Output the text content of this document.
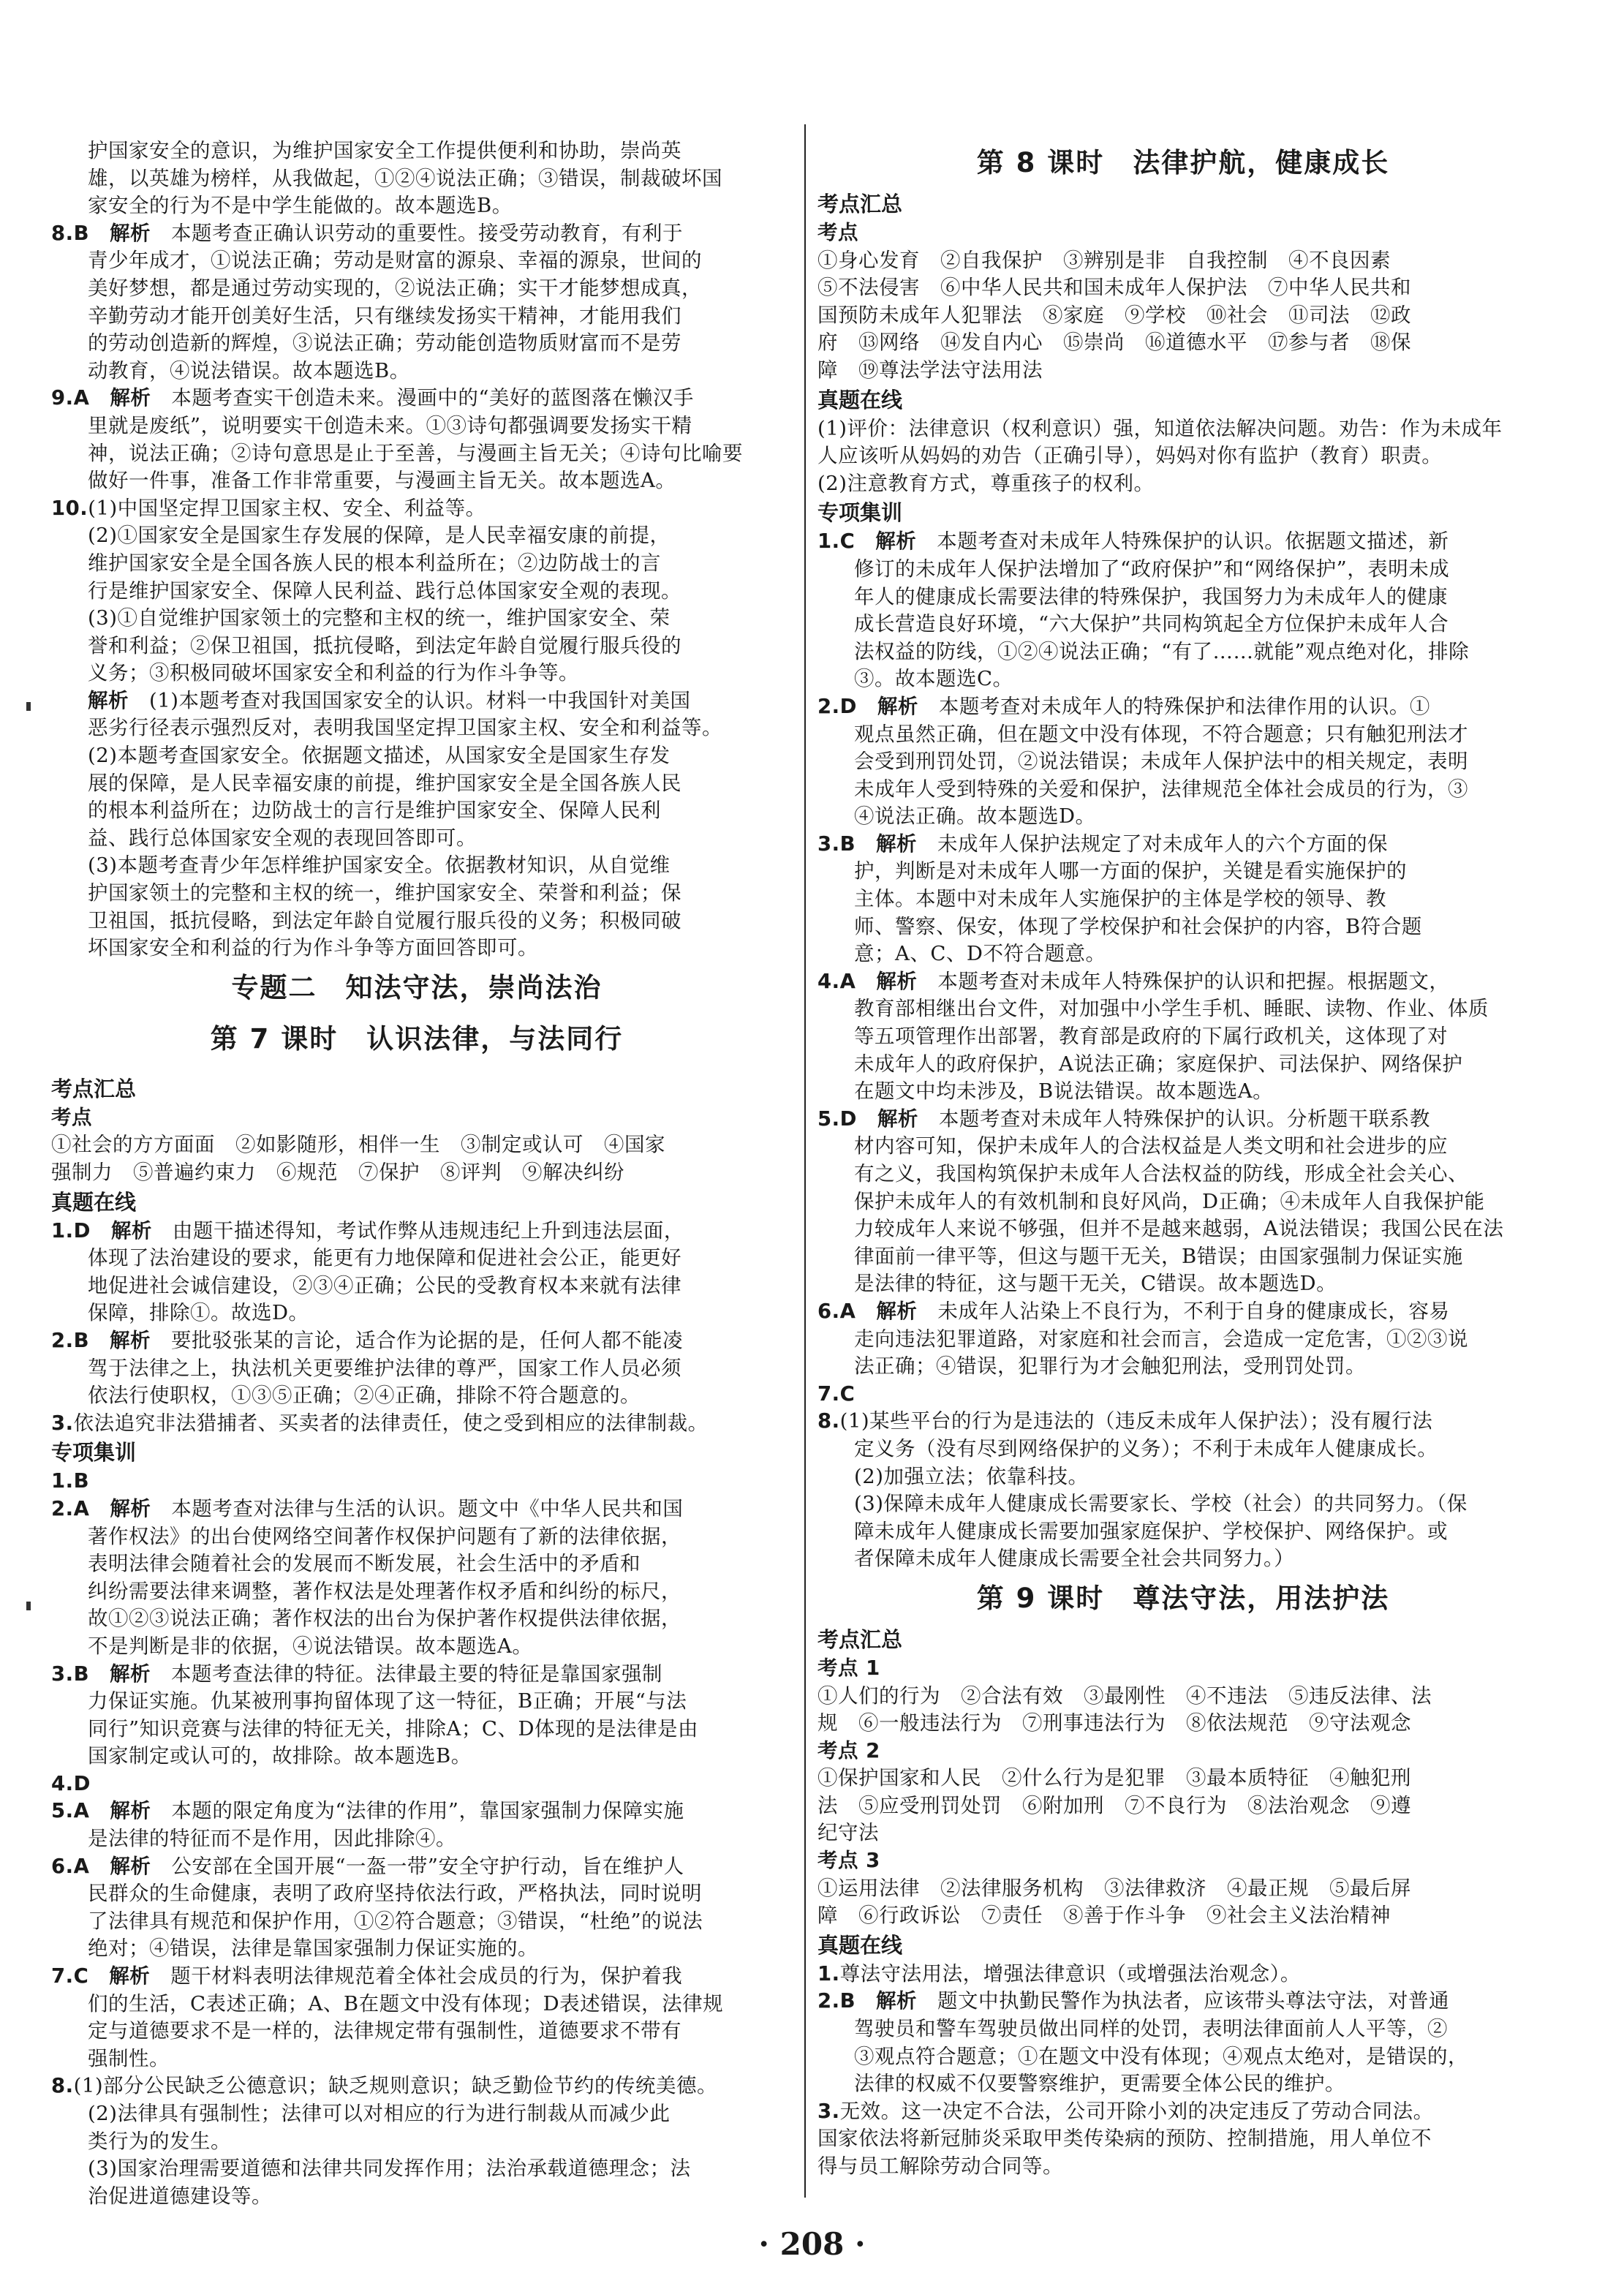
护国家安全的意识，为维护国家安全工作提供便利和协助，崇尚英
雄，以英雄为榜样，从我做起，①②④说法正确；③错误，制裁破坏国
家安全的行为不是中学生能做的。故本题选B。
8.B　解析　本题考查正确认识劳动的重要性。接受劳动教育，有利于
青少年成才，①说法正确；劳动是财富的源泉、幸福的源泉，世间的
美好梦想，都是通过劳动实现的，②说法正确；实干才能梦想成真，
辛勤劳动才能开创美好生活，只有继续发扬实干精神，才能用我们
的劳动创造新的辉煌，③说法正确；劳动能创造物质财富而不是劳
动教育，④说法错误。故本题选B。
9.A　解析　本题考查实干创造未来。漫画中的“美好的蓝图落在懒汉手
里就是废纸”，说明要实干创造未来。①③诗句都强调要发扬实干精
神，说法正确；②诗句意思是止于至善，与漫画主旨无关；④诗句比喻要
做好一件事，准备工作非常重要，与漫画主旨无关。故本题选A。
10.(1)中国坚定捍卫国家主权、安全、利益等。
(2)①国家安全是国家生存发展的保障，是人民幸福安康的前提，
维护国家安全是全国各族人民的根本利益所在；②边防战士的言
行是维护国家安全、保障人民利益、践行总体国家安全观的表现。
(3)①自觉维护国家领土的完整和主权的统一，维护国家安全、荣
誉和利益；②保卫祖国，抵抗侵略，到法定年龄自觉履行服兵役的
义务；③积极同破坏国家安全和利益的行为作斗争等。
解析　(1)本题考查对我国国家安全的认识。材料一中我国针对美国
恶劣行径表示强烈反对，表明我国坚定捍卫国家主权、安全和利益等。
(2)本题考查国家安全。依据题文描述，从国家安全是国家生存发
展的保障，是人民幸福安康的前提，维护国家安全是全国各族人民
的根本利益所在；边防战士的言行是维护国家安全、保障人民利
益、践行总体国家安全观的表现回答即可。
(3)本题考查青少年怎样维护国家安全。依据教材知识，从自觉维
护国家领土的完整和主权的统一，维护国家安全、荣誉和利益；保
卫祖国，抵抗侵略，到法定年龄自觉履行服兵役的义务；积极同破
坏国家安全和利益的行为作斗争等方面回答即可。
专题二　知法守法，崇尚法治
第 7 课时　认识法律，与法同行
考点汇总
考点
①社会的方方面面　②如影随形，相伴一生　③制定或认可　④国家
强制力　⑤普遍约束力　⑥规范　⑦保护　⑧评判　⑨解决纠纷
真题在线
1.D　解析　由题干描述得知，考试作弊从违规违纪上升到违法层面，
体现了法治建设的要求，能更有力地保障和促进社会公正，能更好
地促进社会诚信建设，②③④正确；公民的受教育权本来就有法律
保障，排除①。故选D。
2.B　解析　要批驳张某的言论，适合作为论据的是，任何人都不能凌
驾于法律之上，执法机关更要维护法律的尊严，国家工作人员必须
依法行使职权，①③⑤正确；②④正确，排除不符合题意的。
3.依法追究非法猎捕者、买卖者的法律责任，使之受到相应的法律制裁。
专项集训
1.B
2.A　解析　本题考查对法律与生活的认识。题文中《中华人民共和国
著作权法》的出台使网络空间著作权保护问题有了新的法律依据，
表明法律会随着社会的发展而不断发展，社会生活中的矛盾和
纠纷需要法律来调整，著作权法是处理著作权矛盾和纠纷的标尺，
故①②③说法正确；著作权法的出台为保护著作权提供法律依据，
不是判断是非的依据，④说法错误。故本题选A。
3.B　解析　本题考查法律的特征。法律最主要的特征是靠国家强制
力保证实施。仇某被刑事拘留体现了这一特征，B正确；开展“与法
同行”知识竞赛与法律的特征无关，排除A；C、D体现的是法律是由
国家制定或认可的，故排除。故本题选B。
4.D
5.A　解析　本题的限定角度为“法律的作用”，靠国家强制力保障实施
是法律的特征而不是作用，因此排除④。
6.A　解析　公安部在全国开展“一盔一带”安全守护行动，旨在维护人
民群众的生命健康，表明了政府坚持依法行政，严格执法，同时说明
了法律具有规范和保护作用，①②符合题意；③错误，“杜绝”的说法
绝对；④错误，法律是靠国家强制力保证实施的。
7.C　解析　题干材料表明法律规范着全体社会成员的行为，保护着我
们的生活，C表述正确；A、B在题文中没有体现；D表述错误，法律规
定与道德要求不是一样的，法律规定带有强制性，道德要求不带有
强制性。
8.(1)部分公民缺乏公德意识；缺乏规则意识；缺乏勤俭节约的传统美德。
(2)法律具有强制性；法律可以对相应的行为进行制裁从而减少此
类行为的发生。
(3)国家治理需要道德和法律共同发挥作用；法治承载道德理念；法
治促进道德建设等。
第 8 课时　法律护航，健康成长
考点汇总
考点
①身心发育　②自我保护　③辨别是非　自我控制　④不良因素
⑤不法侵害　⑥中华人民共和国未成年人保护法　⑦中华人民共和
国预防未成年人犯罪法　⑧家庭　⑨学校　⑩社会　⑪司法　⑫政
府　⑬网络　⑭发自内心　⑮崇尚　⑯道德水平　⑰参与者　⑱保
障　⑲尊法学法守法用法
真题在线
(1)评价：法律意识（权利意识）强，知道依法解决问题。劝告：作为未成年
人应该听从妈妈的劝告（正确引导），妈妈对你有监护（教育）职责。
(2)注意教育方式，尊重孩子的权利。
专项集训
1.C　解析　本题考查对未成年人特殊保护的认识。依据题文描述，新
修订的未成年人保护法增加了“政府保护”和“网络保护”，表明未成
年人的健康成长需要法律的特殊保护，我国努力为未成年人的健康
成长营造良好环境，“六大保护”共同构筑起全方位保护未成年人合
法权益的防线，①②④说法正确；“有了……就能”观点绝对化，排除
③。故本题选C。
2.D　解析　本题考查对未成年人的特殊保护和法律作用的认识。①
观点虽然正确，但在题文中没有体现，不符合题意；只有触犯刑法才
会受到刑罚处罚，②说法错误；未成年人保护法中的相关规定，表明
未成年人受到特殊的关爱和保护，法律规范全体社会成员的行为，③
④说法正确。故本题选D。
3.B　解析　未成年人保护法规定了对未成年人的六个方面的保
护，判断是对未成年人哪一方面的保护，关键是看实施保护的
主体。本题中对未成年人实施保护的主体是学校的领导、教
师、警察、保安，体现了学校保护和社会保护的内容，B符合题
意；A、C、D不符合题意。
4.A　解析　本题考查对未成年人特殊保护的认识和把握。根据题文，
教育部相继出台文件，对加强中小学生手机、睡眠、读物、作业、体质
等五项管理作出部署，教育部是政府的下属行政机关，这体现了对
未成年人的政府保护，A说法正确；家庭保护、司法保护、网络保护
在题文中均未涉及，B说法错误。故本题选A。
5.D　解析　本题考查对未成年人特殊保护的认识。分析题干联系教
材内容可知，保护未成年人的合法权益是人类文明和社会进步的应
有之义，我国构筑保护未成年人合法权益的防线，形成全社会关心、
保护未成年人的有效机制和良好风尚，D正确；④未成年人自我保护能
力较成年人来说不够强，但并不是越来越弱，A说法错误；我国公民在法
律面前一律平等，但这与题干无关，B错误；由国家强制力保证实施
是法律的特征，这与题干无关，C错误。故本题选D。
6.A　解析　未成年人沾染上不良行为，不利于自身的健康成长，容易
走向违法犯罪道路，对家庭和社会而言，会造成一定危害，①②③说
法正确；④错误，犯罪行为才会触犯刑法，受刑罚处罚。
7.C
8.(1)某些平台的行为是违法的（违反未成年人保护法）；没有履行法
定义务（没有尽到网络保护的义务）；不利于未成年人健康成长。
(2)加强立法；依靠科技。
(3)保障未成年人健康成长需要家长、学校（社会）的共同努力。（保
障未成年人健康成长需要加强家庭保护、学校保护、网络保护。或
者保障未成年人健康成长需要全社会共同努力。）
第 9 课时　尊法守法，用法护法
考点汇总
考点 1
①人们的行为　②合法有效　③最刚性　④不违法　⑤违反法律、法
规　⑥一般违法行为　⑦刑事违法行为　⑧依法规范　⑨守法观念
考点 2
①保护国家和人民　②什么行为是犯罪　③最本质特征　④触犯刑
法　⑤应受刑罚处罚　⑥附加刑　⑦不良行为　⑧法治观念　⑨遵
纪守法
考点 3
①运用法律　②法律服务机构　③法律救济　④最正规　⑤最后屏
障　⑥行政诉讼　⑦责任　⑧善于作斗争　⑨社会主义法治精神
真题在线
1.尊法守法用法，增强法律意识（或增强法治观念）。
2.B　解析　题文中执勤民警作为执法者，应该带头尊法守法，对普通
驾驶员和警车驾驶员做出同样的处罚，表明法律面前人人平等，②
③观点符合题意；①在题文中没有体现；④观点太绝对，是错误的，
法律的权威不仅要警察维护，更需要全体公民的维护。
3.无效。这一决定不合法，公司开除小刘的决定违反了劳动合同法。
国家依法将新冠肺炎采取甲类传染病的预防、控制措施，用人单位不
得与员工解除劳动合同等。
· 208 ·
